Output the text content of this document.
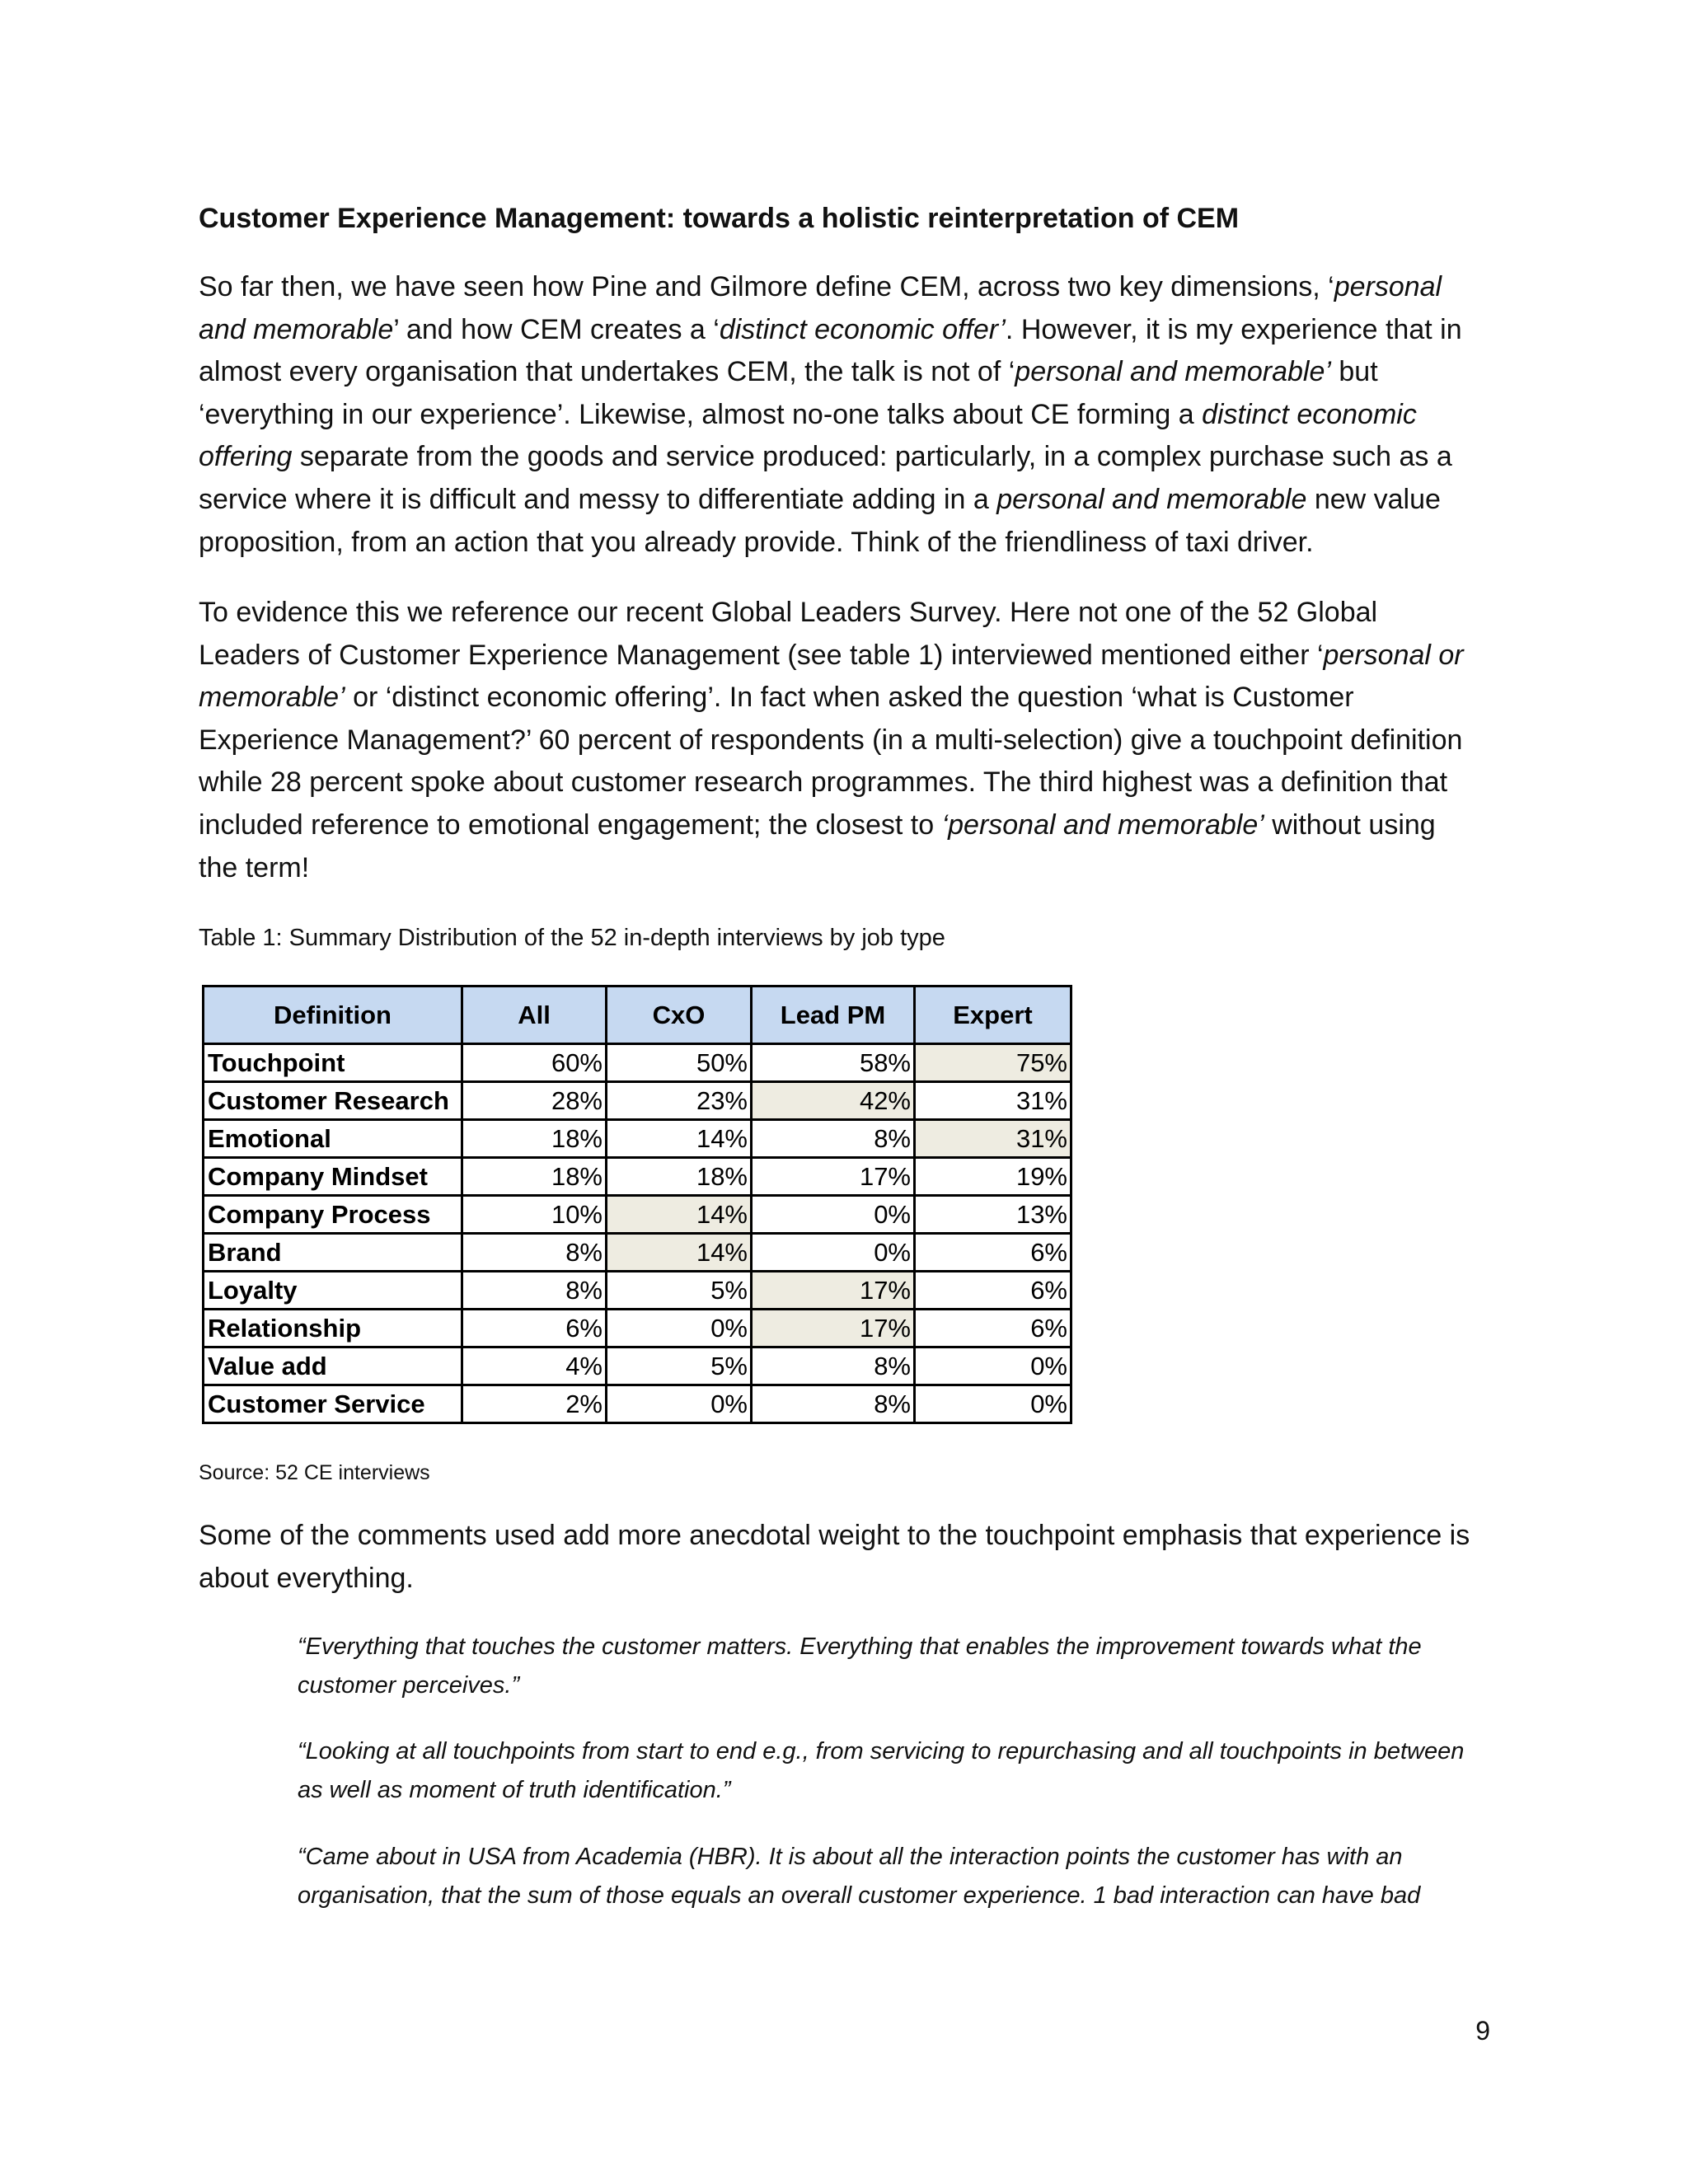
Customer Experience Management: towards a holistic reinterpretation of CEM

So far then, we have seen how Pine and Gilmore define CEM, across two key dimensions, ‘personal and memorable’ and how CEM creates a ‘distinct economic offer’. However, it is my experience that in almost every organisation that undertakes CEM, the talk is not of ‘personal and memorable’ but ‘everything in our experience’. Likewise, almost no-one talks about CE forming a distinct economic offering separate from the goods and service produced: particularly, in a complex purchase such as a service where it is difficult and messy to differentiate adding in a personal and memorable new value proposition, from an action that you already provide. Think of the friendliness of taxi driver.

To evidence this we reference our recent Global Leaders Survey. Here not one of the 52 Global Leaders of Customer Experience Management (see table 1) interviewed mentioned either ‘personal or memorable’ or ‘distinct economic offering’. In fact when asked the question ‘what is Customer Experience Management?’ 60 percent of respondents (in a multi-selection) give a touchpoint definition while 28 percent spoke about customer research programmes. The third highest was a definition that included reference to emotional engagement; the closest to ‘personal and memorable’ without using the term!

Table 1: Summary Distribution of the 52 in-depth interviews by job type
Definition	All	CxO	Lead PM	Expert
Touchpoint	60%	50%	58%	75%
Customer Research	28%	23%	42%	31%
Emotional	18%	14%	8%	31%
Company Mindset	18%	18%	17%	19%
Company Process	10%	14%	0%	13%
Brand	8%	14%	0%	6%
Loyalty	8%	5%	17%	6%
Relationship	6%	0%	17%	6%
Value add	4%	5%	8%	0%
Customer Service	2%	0%	8%	0%
Source: 52 CE interviews

Some of the comments used add more anecdotal weight to the touchpoint emphasis that experience is about everything.

“Everything that touches the customer matters. Everything that enables the improvement towards what the customer perceives.”

“Looking at all touchpoints from start to end e.g., from servicing to repurchasing and all touchpoints in between as well as moment of truth identification.”

“Came about in USA from Academia (HBR). It is about all the interaction points the customer has with an organisation, that the sum of those equals an overall customer experience. 1 bad interaction can have bad

9
